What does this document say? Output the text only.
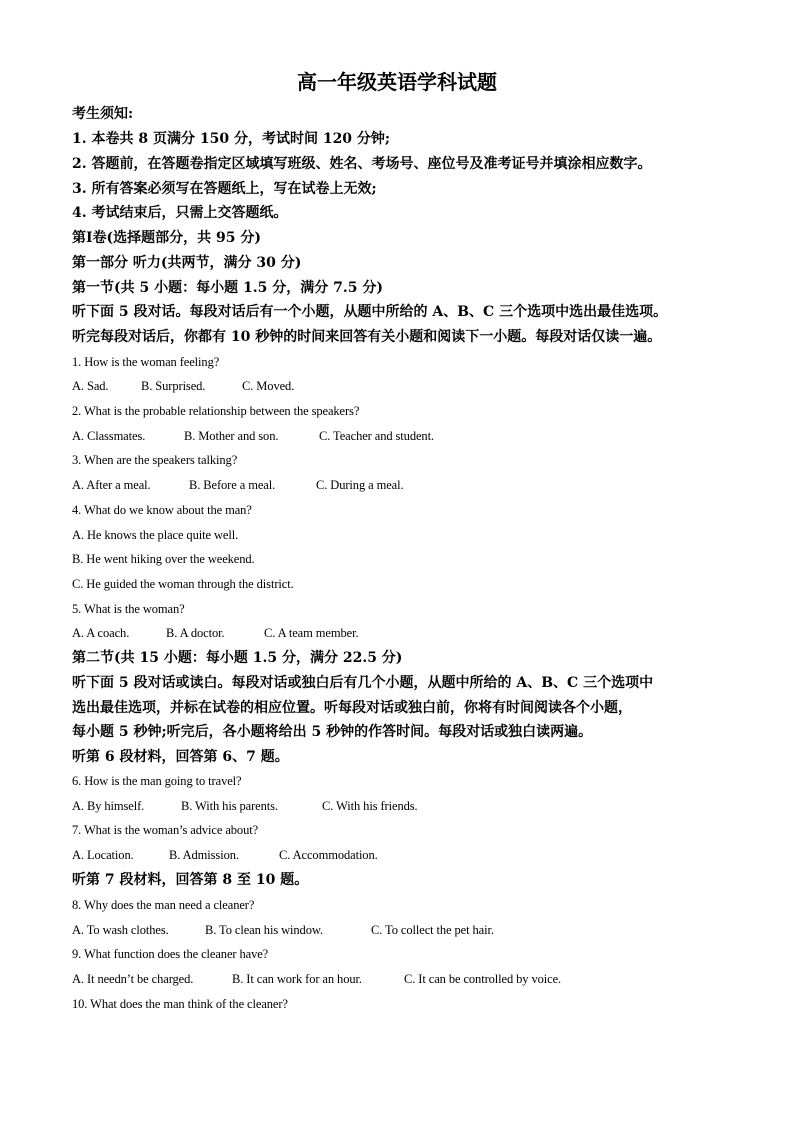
高一年级英语学科试题
考生须知:
1. 本卷共 8 页满分 150 分，考试时间 120 分钟;
2. 答题前，在答题卷指定区域填写班级、姓名、考场号、座位号及准考证号并填涂相应数字。
3. 所有答案必须写在答题纸上，写在试卷上无效;
4. 考试结束后，只需上交答题纸。
第Ⅰ卷(选择题部分，共 95 分)
第一部分 听力(共两节，满分 30 分)
第一节(共 5 小题：每小题 1.5 分，满分 7.5 分)
听下面 5 段对话。每段对话后有一个小题，从题中所给的 A、B、C 三个选项中选出最佳选项。
听完每段对话后，你都有 10 秒钟的时间来回答有关小题和阅读下一小题。每段对话仅读一遍。
1. How is the woman feeling?
A. Sad.	B. Surprised.	C. Moved.
2. What is the probable relationship between the speakers?
A. Classmates.	B. Mother and son.	C. Teacher and student.
3. When are the speakers talking?
A. After a meal.	B. Before a meal.	C. During a meal.
4. What do we know about the man?
A. He knows the place quite well.
B. He went hiking over the weekend.
C. He guided the woman through the district.
5. What is the woman?
A. A coach.	B. A doctor.	C. A team member.
第二节(共 15 小题：每小题 1.5 分，满分 22.5 分)
听下面 5 段对话或读白。每段对话或独白后有几个小题，从题中所给的 A、B、C 三个选项中
选出最佳选项，并标在试卷的相应位置。听每段对话或独白前，你将有时间阅读各个小题，
每小题 5 秒钟;听完后，各小题将给出 5 秒钟的作答时间。每段对话或独白读两遍。
听第 6 段材料，回答第 6、7 题。
6. How is the man going to travel?
A. By himself.	B. With his parents.	C. With his friends.
7. What is the woman’s advice about?
A. Location.	B. Admission.	C. Accommodation.
听第 7 段材料，回答第 8 至 10 题。
8. Why does the man need a cleaner?
A. To wash clothes.	B. To clean his window.	C. To collect the pet hair.
9. What function does the cleaner have?
A. It needn’t be charged.	B. It can work for an hour.	C. It can be controlled by voice.
10. What does the man think of the cleaner?
